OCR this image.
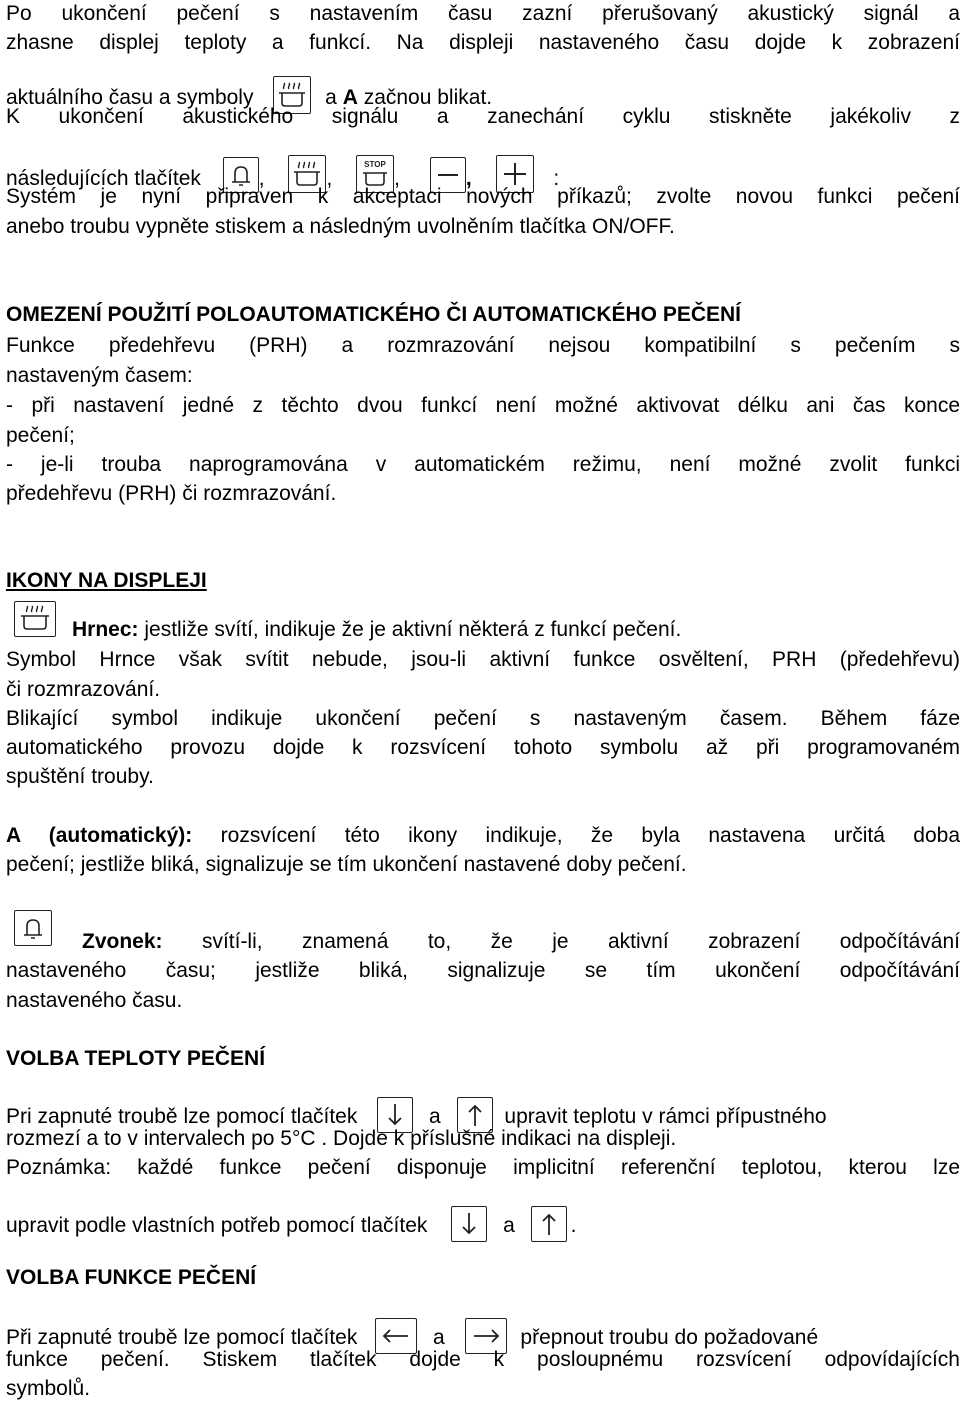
Po ukončení pečení s nastavením času zazní přerušovaný akustický signál a
zhasne displej teploty a funkcí. Na displeji nastaveného času dojde k zobrazení
aktuálního času a symboly	a A začnou blikat.
K ukončení akustického signálu a zanechání cyklu stiskněte jakékoliv z
následujících tlačítek	,	,
STOP
,	,	:
Systém je nyní připraven k akceptaci nových příkazů; zvolte novou funkci pečení
anebo troubu vypněte stiskem a následným uvolněním tlačítka ON/OFF.
OMEZENÍ POUŽITÍ POLOAUTOMATICKÉHO ČI AUTOMATICKÉHO PEČENÍ
Funkce předehřevu (PRH) a rozmrazování nejsou kompatibilní s pečením s
nastaveným časem:
- při nastavení jedné z těchto dvou funkcí není možné aktivovat délku ani čas konce
pečení;
- je-li trouba naprogramována v automatickém režimu, není možné zvolit funkci
předehřevu (PRH) či rozmrazování.
IKONY NA DISPLEJI
Hrnec: jestliže svítí, indikuje že je aktivní některá z funkcí pečení.
Symbol Hrnce však svítit nebude, jsou-li aktivní funkce osvěltení, PRH (předehřevu)
či rozmrazování.
Blikající symbol indikuje ukončení pečení s nastaveným časem. Během fáze
automatického provozu dojde k rozsvícení tohoto symbolu až při programovaném
spuštění trouby.
A (automatický): rozsvícení této ikony indikuje, že byla nastavena určitá doba
pečení; jestliže bliká, signalizuje se tím ukončení nastavené doby pečení.
Zvonek: svítí-li, znamená to, že je aktivní zobrazení odpočítávání
nastaveného času; jestliže bliká, signalizuje se tím ukončení odpočítávání
nastaveného času.
VOLBA TEPLOTY PEČENÍ
Pri zapnuté troubě lze pomocí tlačítek	a	upravit teplotu v rámci přípustného
rozmezí a to v intervalech po 5°C . Dojde k příslušné indikaci na displeji.
Poznámka: každé funkce pečení disponuje implicitní referenční teplotou, kterou lze
upravit podle vlastních potřeb pomocí tlačítek	a	.
VOLBA FUNKCE PEČENÍ
Při zapnuté troubě lze pomocí tlačítek	a	přepnout troubu do požadované
funkce pečení. Stiskem tlačítek dojde k posloupnému rozsvícení odpovídajících
symbolů.
